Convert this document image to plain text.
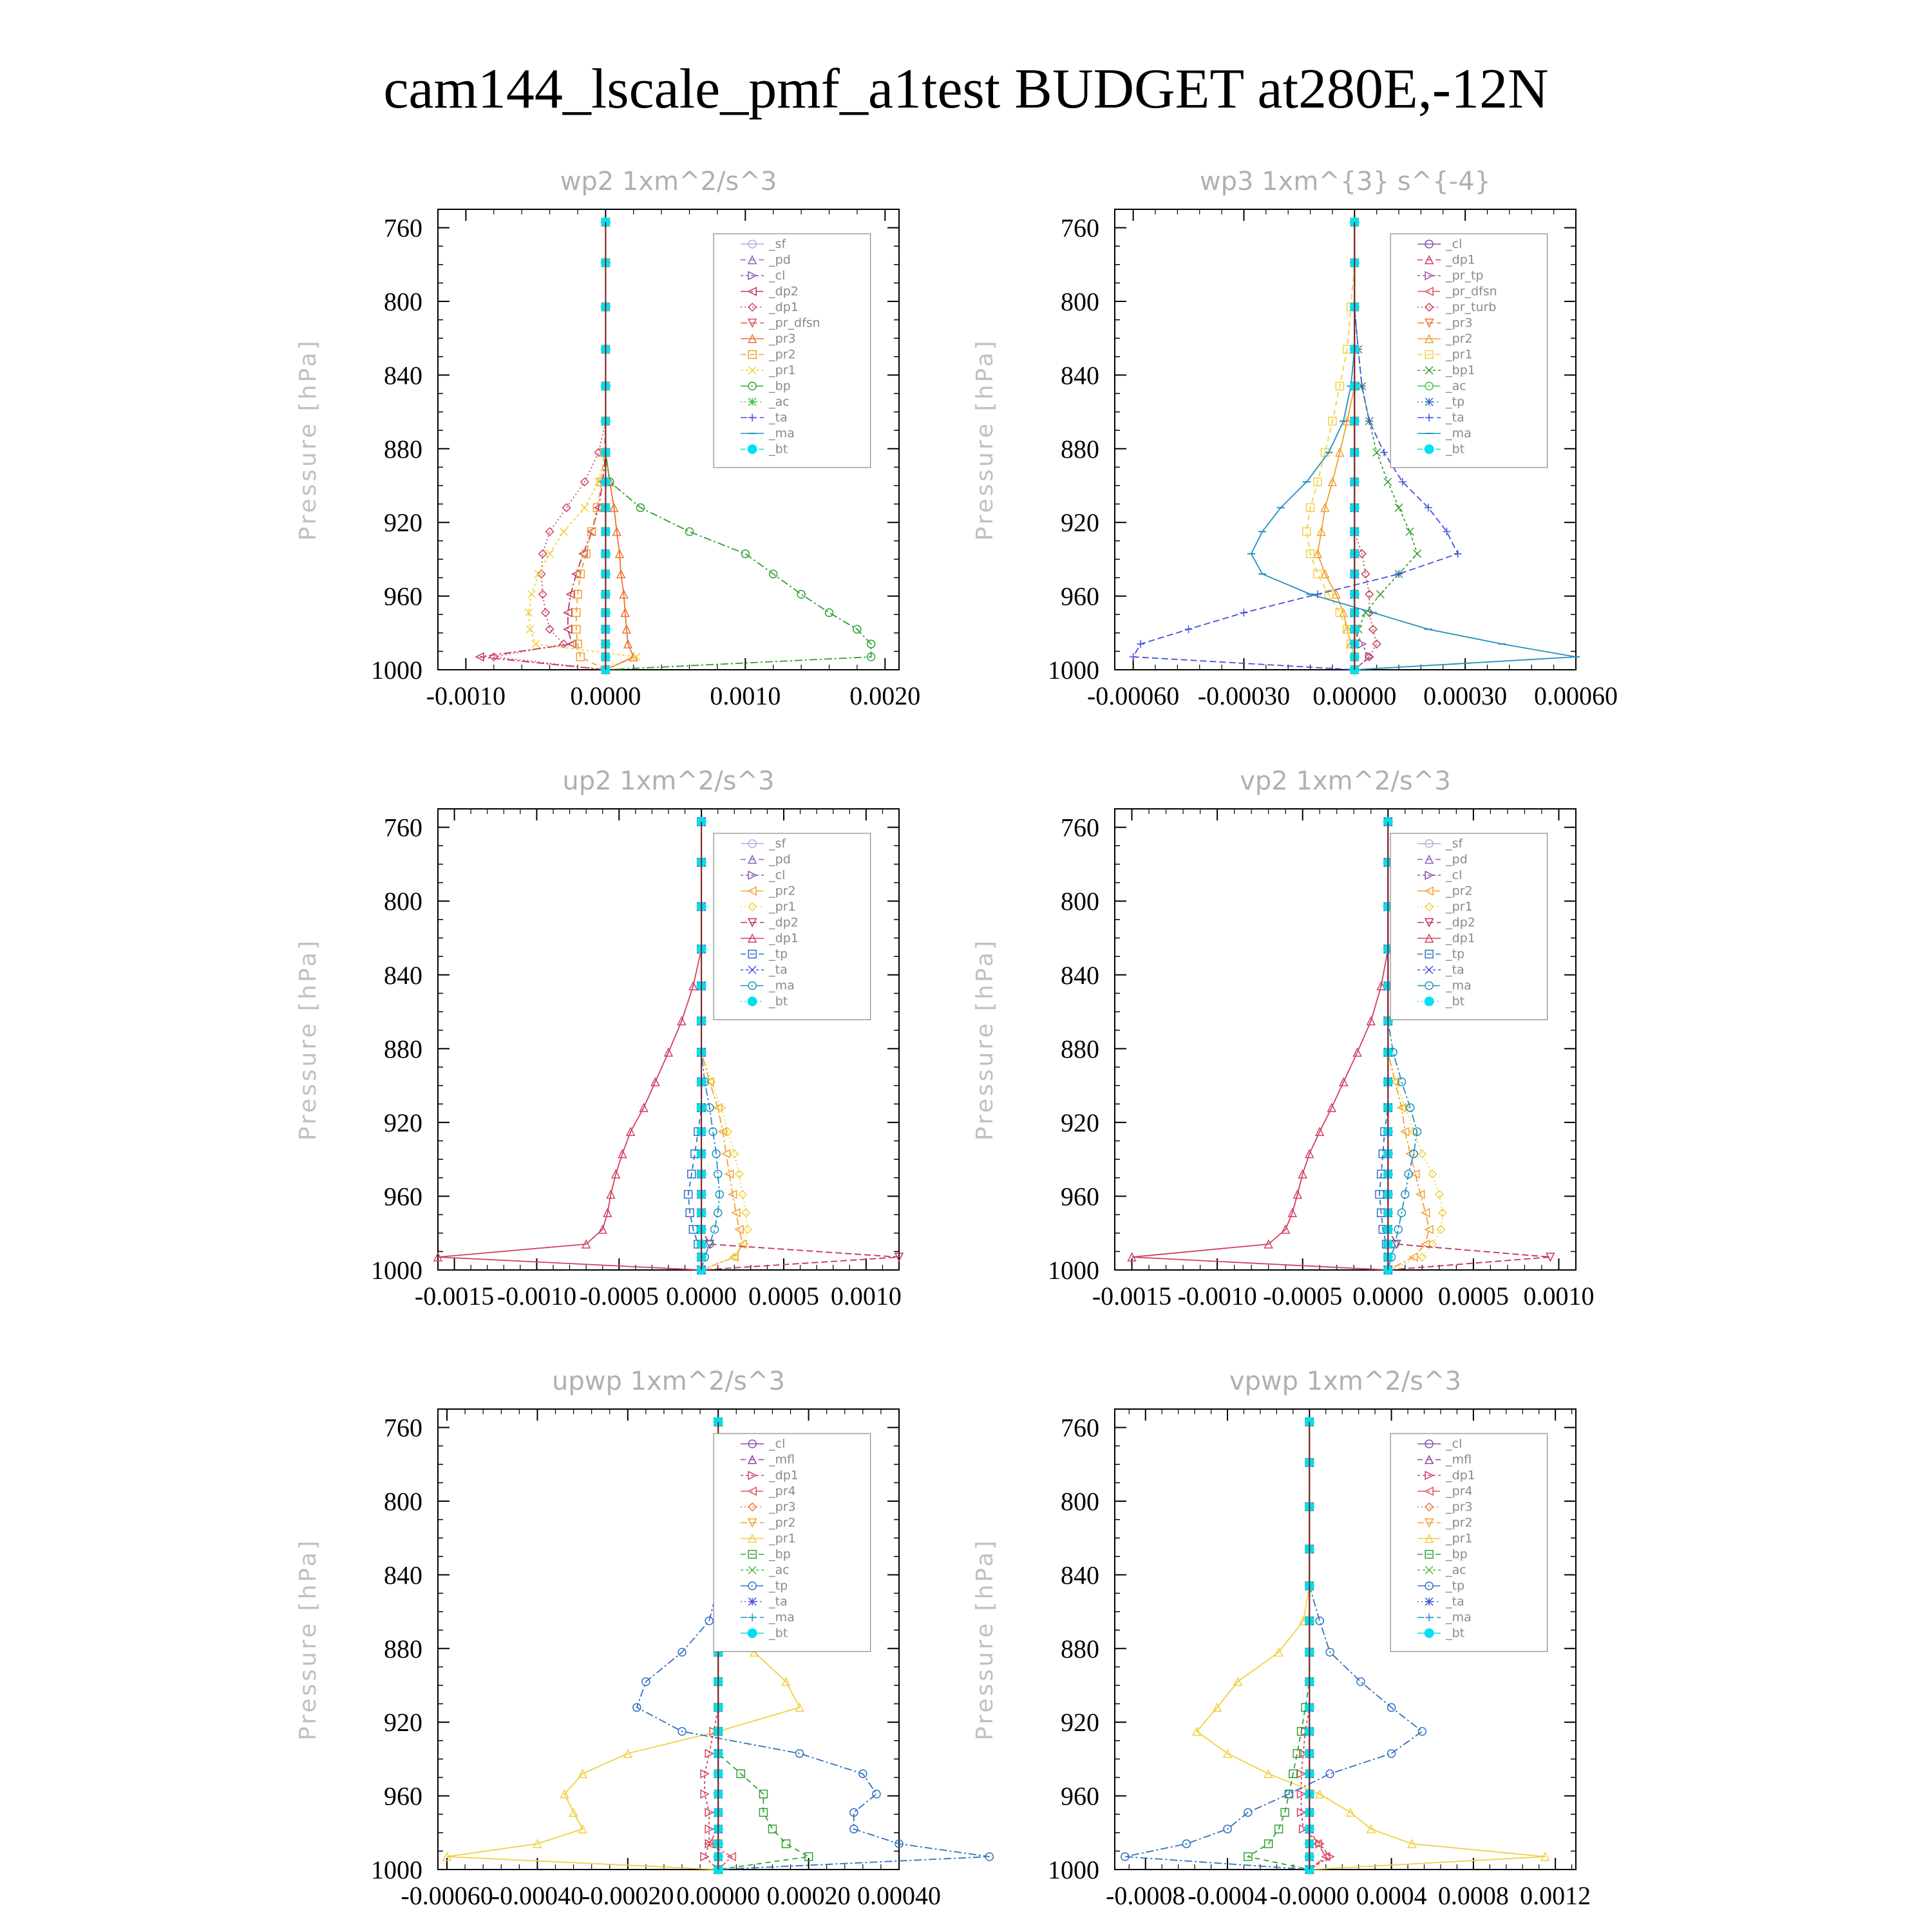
cam144_lscale_pmf_a1test BUDGET at280E,-12N
wp2 1xm^2/s^3
Pressure [hPa]
760
800
840
880
920
960
1000
-0.0010	0.0000	0.0010	0.0020
_sf
_pd
_cl
_dp2
_dp1
_pr_dfsn
_pr3
_pr2
_pr1
_bp
_ac
_ta
_ma
_bt
wp3 1xm^{3} s^{-4}
Pressure [hPa]
760
800
840
880
920
960
1000
-0.00060 -0.00030 0.00000 0.00030 0.00060
_cl
_dp1
_pr_tp
_pr_dfsn
_pr_turb
_pr3
_pr2
_pr1
_bp1
_ac
_tp
_ta
_ma
_bt
up2 1xm^2/s^3
Pressure [hPa]
760
800
840
880
920
960
1000
-0.0015 -0.0010 -0.0005 0.0000 0.0005 0.0010
_sf
_pd
_cl
_pr2
_pr1
_dp2
_dp1
_tp
_ta
_ma
_bt
vp2 1xm^2/s^3
Pressure [hPa]
760
800
840
880
920
960
1000
-0.0015 -0.0010 -0.0005 0.0000 0.0005 0.0010
_sf
_pd
_cl
_pr2
_pr1
_dp2
_dp1
_tp
_ta
_ma
_bt
upwp 1xm^2/s^3
Pressure [hPa]
760
800
840
880
920
960
1000
-0.00060
-0.00040
-0.00020 0.00000 0.00020 0.00040
_cl
_mfl
_dp1
_pr4
_pr3
_pr2
_pr1
_bp
_ac
_tp
_ta
_ma
_bt
vpwp 1xm^2/s^3
Pressure [hPa]
760
800
840
880
920
960
1000
-0.0008 -0.0004 -0.0000 0.0004 0.0008 0.0012
_cl
_mfl
_dp1
_pr4
_pr3
_pr2
_pr1
_bp
_ac
_tp
_ta
_ma
_bt
